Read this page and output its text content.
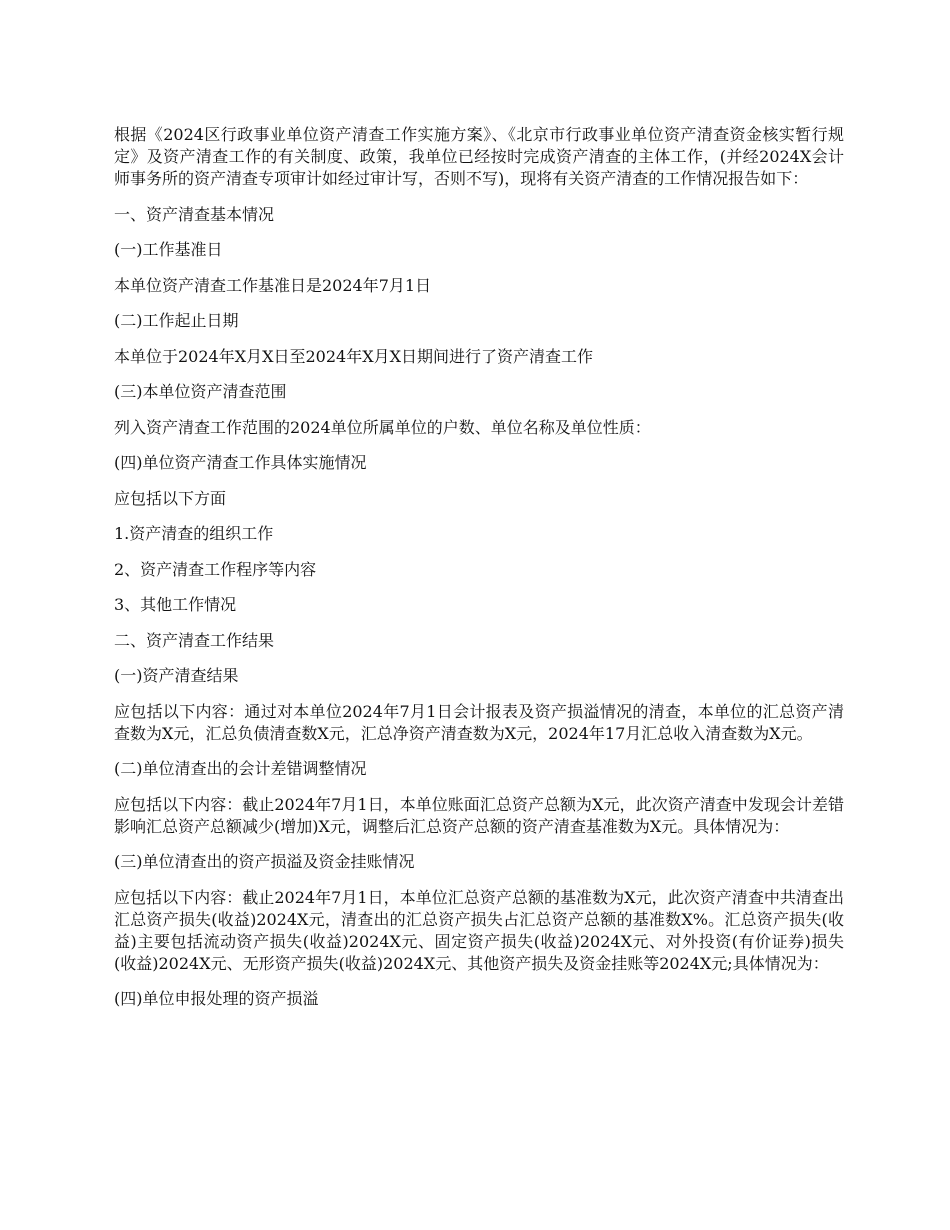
根据《2024区行政事业单位资产清查工作实施方案》、《北京市行政事业单位资产清查资金核实暂行规定》及资产清查工作的有关制度、政策，我单位已经按时完成资产清查的主体工作，(并经2024X会计师事务所的资产清查专项审计如经过审计写，否则不写)，现将有关资产清查的工作情况报告如下：

一、资产清查基本情况

(一)工作基准日

本单位资产清查工作基准日是2024年7月1日

(二)工作起止日期

本单位于2024年X月X日至2024年X月X日期间进行了资产清查工作

(三)本单位资产清查范围

列入资产清查工作范围的2024单位所属单位的户数、单位名称及单位性质：

(四)单位资产清查工作具体实施情况

应包括以下方面

1.资产清查的组织工作

2、资产清查工作程序等内容

3、其他工作情况

二、资产清查工作结果

(一)资产清查结果

应包括以下内容：通过对本单位2024年7月1日会计报表及资产损溢情况的清查，本单位的汇总资产清查数为X元，汇总负债清查数X元，汇总净资产清查数为X元，2024年17月汇总收入清查数为X元。

(二)单位清查出的会计差错调整情况

应包括以下内容：截止2024年7月1日，本单位账面汇总资产总额为X元，此次资产清查中发现会计差错影响汇总资产总额减少(增加)X元，调整后汇总资产总额的资产清查基准数为X元。具体情况为：

(三)单位清查出的资产损溢及资金挂账情况

应包括以下内容：截止2024年7月1日，本单位汇总资产总额的基准数为X元，此次资产清查中共清查出汇总资产损失(收益)2024X元，清查出的汇总资产损失占汇总资产总额的基准数X%。汇总资产损失(收益)主要包括流动资产损失(收益)2024X元、固定资产损失(收益)2024X元、对外投资(有价证券)损失(收益)2024X元、无形资产损失(收益)2024X元、其他资产损失及资金挂账等2024X元;具体情况为：

(四)单位申报处理的资产损溢
